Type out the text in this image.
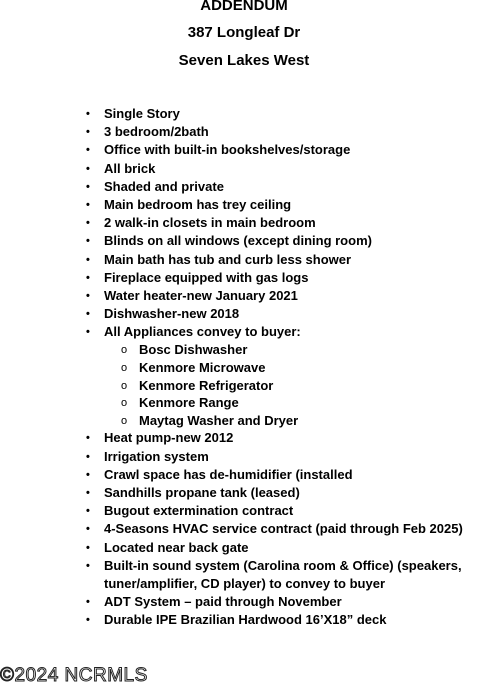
ADDENDUM
387 Longleaf Dr
Seven Lakes West
• Single Story
• 3 bedroom/2bath
• Office with built-in bookshelves/storage
• All brick
• Shaded and private
• Main bedroom has trey ceiling
• 2 walk-in closets in main bedroom
• Blinds on all windows (except dining room)
• Main bath has tub and curb less shower
• Fireplace equipped with gas logs
• Water heater-new January 2021
• Dishwasher-new 2018
• All Appliances convey to buyer:
o Bosc Dishwasher
o Kenmore Microwave
o Kenmore Refrigerator
o Kenmore Range
o Maytag Washer and Dryer
• Heat pump-new 2012
• Irrigation system
• Crawl space has de-humidifier (installed
• Sandhills propane tank (leased)
• Bugout extermination contract
• 4-Seasons HVAC service contract (paid through Feb 2025)
• Located near back gate
• Built-in sound system (Carolina room & Office) (speakers,
tuner/amplifier, CD player) to convey to buyer
• ADT System – paid through November
• Durable IPE Brazilian Hardwood 16’X18” deck
©2024 NCRMLS
